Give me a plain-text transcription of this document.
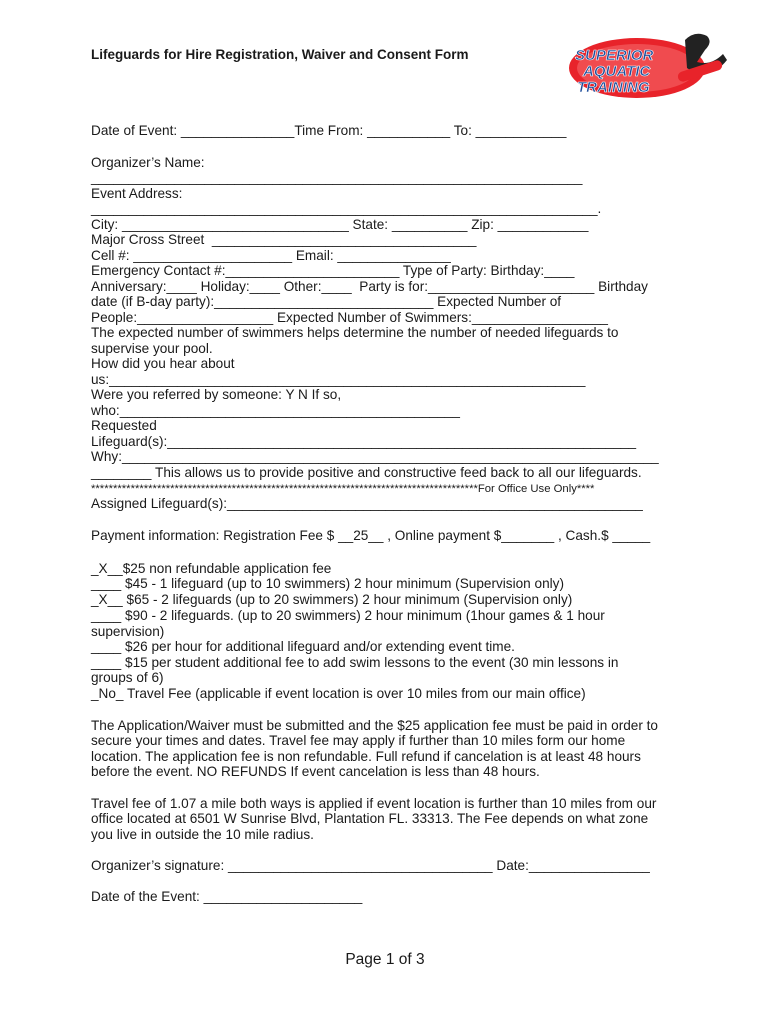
Lifeguards for Hire Registration, Waiver and Consent Form	SUPERIOR
AQUATIC
TRAINING
Date of Event: _______________Time From: ___________ To: ____________
Organizer’s Name:
_________________________________________________________________
Event Address:
___________________________________________________________________.
City: ______________________________ State: __________ Zip: ____________
Major Cross Street  ___________________________________
Cell #: _____________________ Email: _______________
Emergency Contact #:_______________________ Type of Party: Birthday:____
Anniversary:____ Holiday:____ Other:____  Party is for:______________________ Birthday
date (if B-day party):_____________________________ Expected Number of
People:__________________ Expected Number of Swimmers:__________________
The expected number of swimmers helps determine the number of needed lifeguards to
supervise your pool.
How did you hear about
us:_______________________________________________________________
Were you referred by someone: Y N If so,
who:_____________________________________________
Requested
Lifeguard(s):______________________________________________________________
Why:_______________________________________________________________________
________ This allows us to provide positive and constructive feed back to all our lifeguards.
****************************************************************************************For Office Use Only****
Assigned Lifeguard(s):_______________________________________________________
Payment information: Registration Fee $ __25__ , Online payment $_______ , Cash.$ _____
_X__$25 non refundable application fee
____ $45 - 1 lifeguard (up to 10 swimmers) 2 hour minimum (Supervision only)
_X__ $65 - 2 lifeguards (up to 20 swimmers) 2 hour minimum (Supervision only)
____ $90 - 2 lifeguards. (up to 20 swimmers) 2 hour minimum (1hour games & 1 hour
supervision)
____ $26 per hour for additional lifeguard and/or extending event time.
____ $15 per student additional fee to add swim lessons to the event (30 min lessons in
groups of 6)
_No_ Travel Fee (applicable if event location is over 10 miles from our main office)
The Application/Waiver must be submitted and the $25 application fee must be paid in order to
secure your times and dates. Travel fee may apply if further than 10 miles form our home
location. The application fee is non refundable. Full refund if cancelation is at least 48 hours
before the event. NO REFUNDS If event cancelation is less than 48 hours.
Travel fee of 1.07 a mile both ways is applied if event location is further than 10 miles from our
office located at 6501 W Sunrise Blvd, Plantation FL. 33313. The Fee depends on what zone
you live in outside the 10 mile radius.
Organizer’s signature: ___________________________________ Date:________________
Date of the Event: _____________________
Page 1 of 3
